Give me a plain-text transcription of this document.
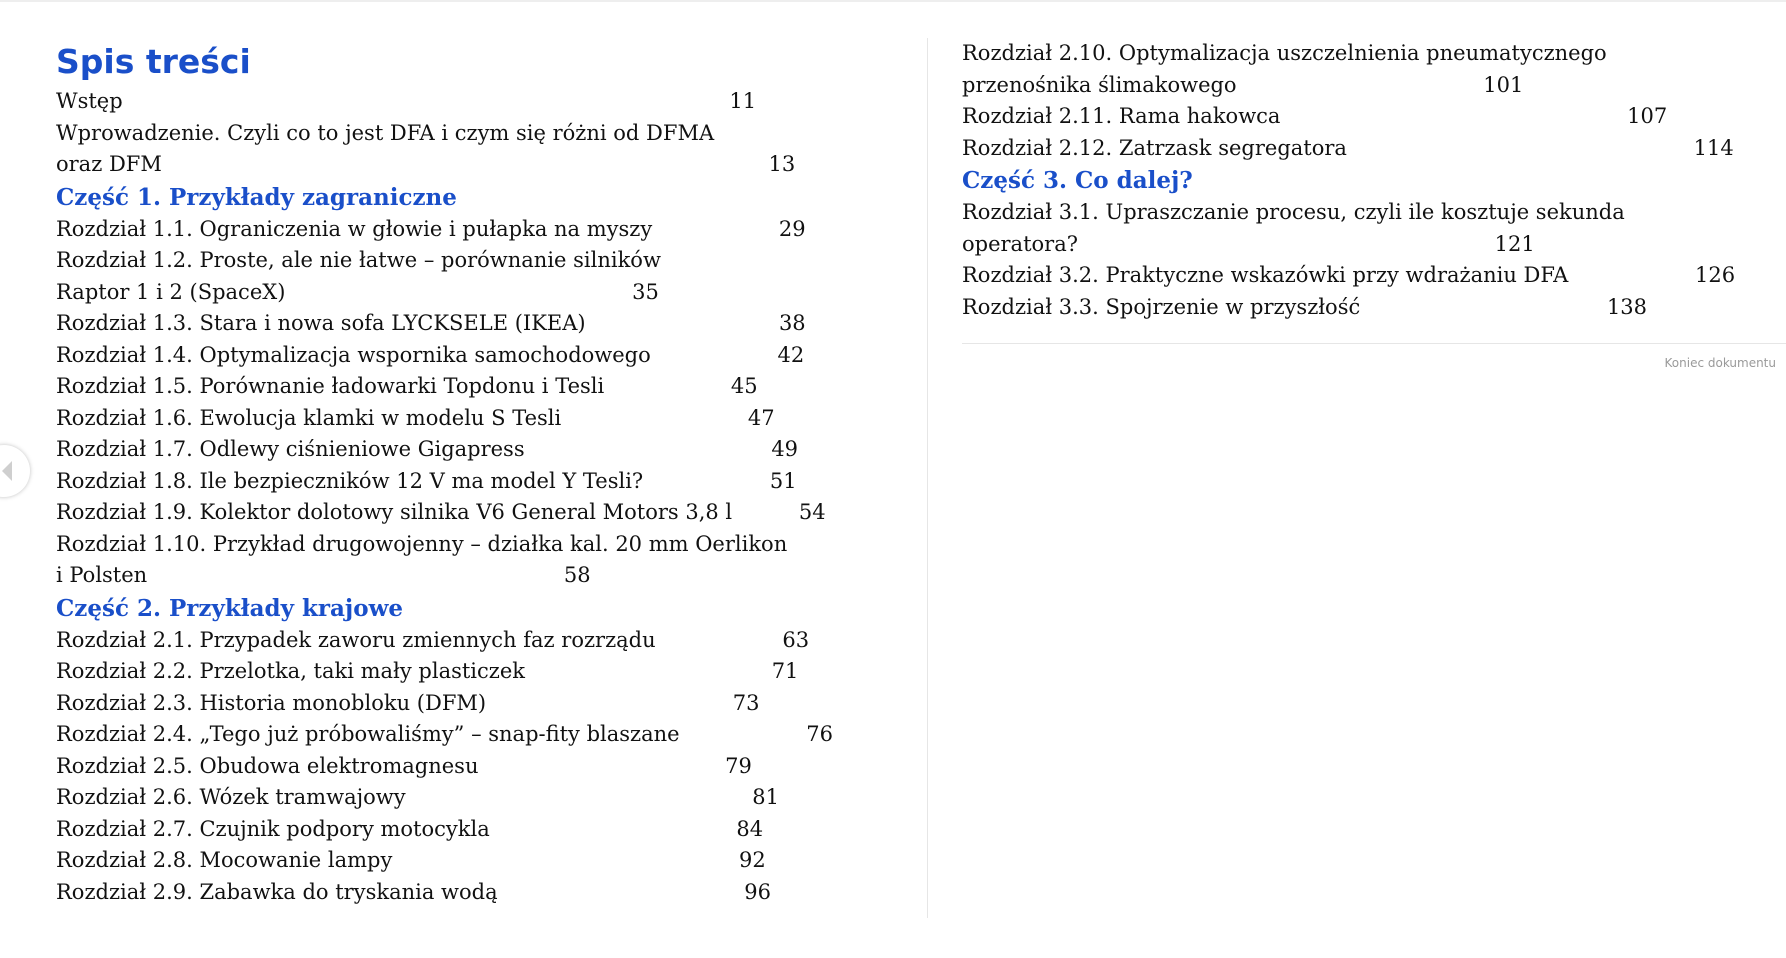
Spis treści
Wstęp .....	11
Wprowadzenie. Czyli co to jest DFA i czym się różni od DFMA
oraz DFM .....	13
Część 1. Przykłady zagraniczne
Rozdział 1.1. Ograniczenia w głowie i pułapka na myszy .....	29
Rozdział 1.2. Proste, ale nie łatwe – porównanie silników
Raptor 1 i 2 (SpaceX) .....	35
Rozdział 1.3. Stara i nowa sofa LYCKSELE (IKEA) .....	38
Rozdział 1.4. Optymalizacja wspornika samochodowego .....	42
Rozdział 1.5. Porównanie ładowarki Topdonu i Tesli .....	45
Rozdział 1.6. Ewolucja klamki w modelu S Tesli .....	47
Rozdział 1.7. Odlewy ciśnieniowe Gigapress .....	49
Rozdział 1.8. Ile bezpieczników 12 V ma model Y Tesli? .....	51
Rozdział 1.9. Kolektor dolotowy silnika V6 General Motors 3,8 l .....	54
Rozdział 1.10. Przykład drugowojenny – działka kal. 20 mm Oerlikon
i Polsten .....	58
Część 2. Przykłady krajowe
Rozdział 2.1. Przypadek zaworu zmiennych faz rozrządu .....	63
Rozdział 2.2. Przelotka, taki mały plasticzek .....	71
Rozdział 2.3. Historia monobloku (DFM) .....	73
Rozdział 2.4. „Tego już próbowaliśmy” – snap-fity blaszane .....	76
Rozdział 2.5. Obudowa elektromagnesu .....	79
Rozdział 2.6. Wózek tramwajowy .....	81
Rozdział 2.7. Czujnik podpory motocykla .....	84
Rozdział 2.8. Mocowanie lampy .....	92
Rozdział 2.9. Zabawka do tryskania wodą .....	96
Rozdział 2.10. Optymalizacja uszczelnienia pneumatycznego
przenośnika ślimakowego .....	101
Rozdział 2.11. Rama hakowca .....	107
Rozdział 2.12. Zatrzask segregatora .....	114
Część 3. Co dalej?
Rozdział 3.1. Upraszczanie procesu, czyli ile kosztuje sekunda
operatora? .....	121
Rozdział 3.2. Praktyczne wskazówki przy wdrażaniu DFA .....	126
Rozdział 3.3. Spojrzenie w przyszłość .....	138
Koniec dokumentu
